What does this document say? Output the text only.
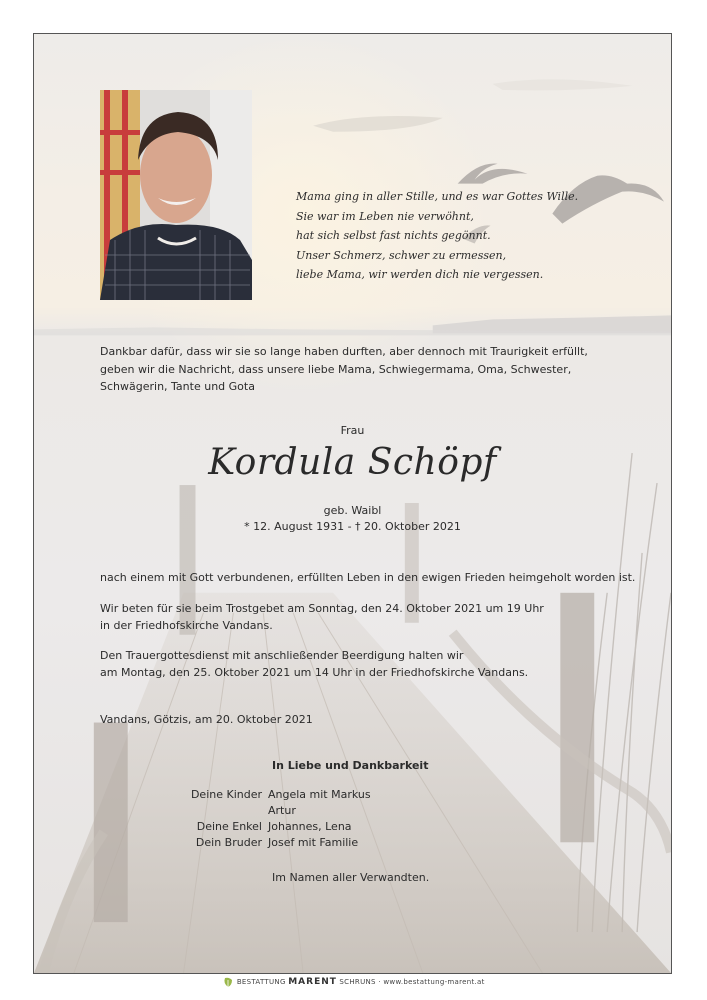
Mama ging in aller Stille, und es war Gottes Wille.
Sie war im Leben nie verwöhnt,
hat sich selbst fast nichts gegönnt.
Unser Schmerz, schwer zu ermessen,
liebe Mama, wir werden dich nie vergessen.
Dankbar dafür, dass wir sie so lange haben durften, aber dennoch mit Traurigkeit erfüllt,
geben wir die Nachricht, dass unsere liebe Mama, Schwiegermama, Oma, Schwester,
Schwägerin, Tante und Gota
Frau
Kordula Schöpf
geb. Waibl
* 12. August 1931 - † 20. Oktober 2021
nach einem mit Gott verbundenen, erfüllten Leben in den ewigen Frieden heimgeholt worden ist.
Wir beten für sie beim Trostgebet am Sonntag, den 24. Oktober 2021 um 19 Uhr
in der Friedhofskirche Vandans.
Den Trauergottesdienst mit anschließender Beerdigung halten wir
am Montag, den 25. Oktober 2021 um 14 Uhr in der Friedhofskirche Vandans.
Vandans, Götzis, am 20. Oktober 2021
In Liebe und Dankbarkeit
Deine Kinder	Angela mit Markus
	Artur
Deine Enkel	Johannes, Lena
Dein Bruder	Josef mit Familie
Im Namen aller Verwandten.
BESTATTUNG MARENT SCHRUNS · www.bestattung-marent.at
